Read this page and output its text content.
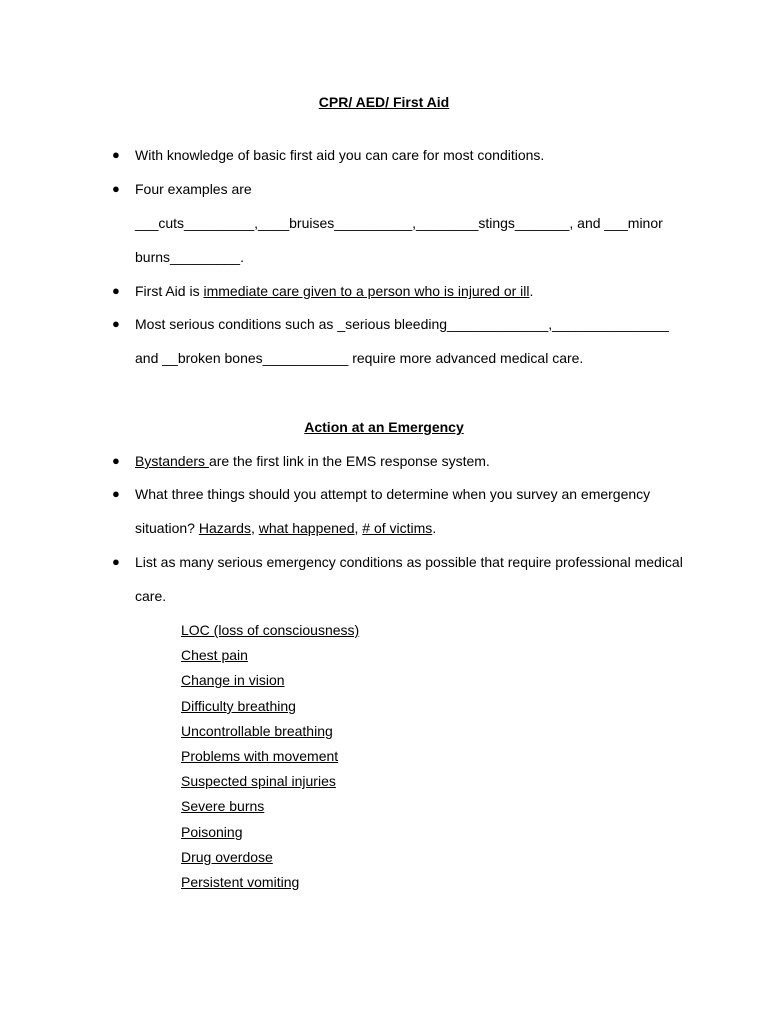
CPR/ AED/ First Aid
●	With knowledge of basic first aid you can care for most conditions.
●	Four examples are
___cuts_________,____bruises__________,________stings_______, and ___minor
burns_________.
●	First Aid is immediate care given to a person who is injured or ill.
●	Most serious conditions such as _serious bleeding_____________,_______________
and __broken bones___________ require more advanced medical care.
Action at an Emergency
●	Bystanders are the first link in the EMS response system.
●	What three things should you attempt to determine when you survey an emergency
situation? Hazards, what happened, # of victims.
●	List as many serious emergency conditions as possible that require professional medical
care.
LOC (loss of consciousness)
Chest pain
Change in vision
Difficulty breathing
Uncontrollable breathing
Problems with movement
Suspected spinal injuries
Severe burns
Poisoning
Drug overdose
Persistent vomiting
